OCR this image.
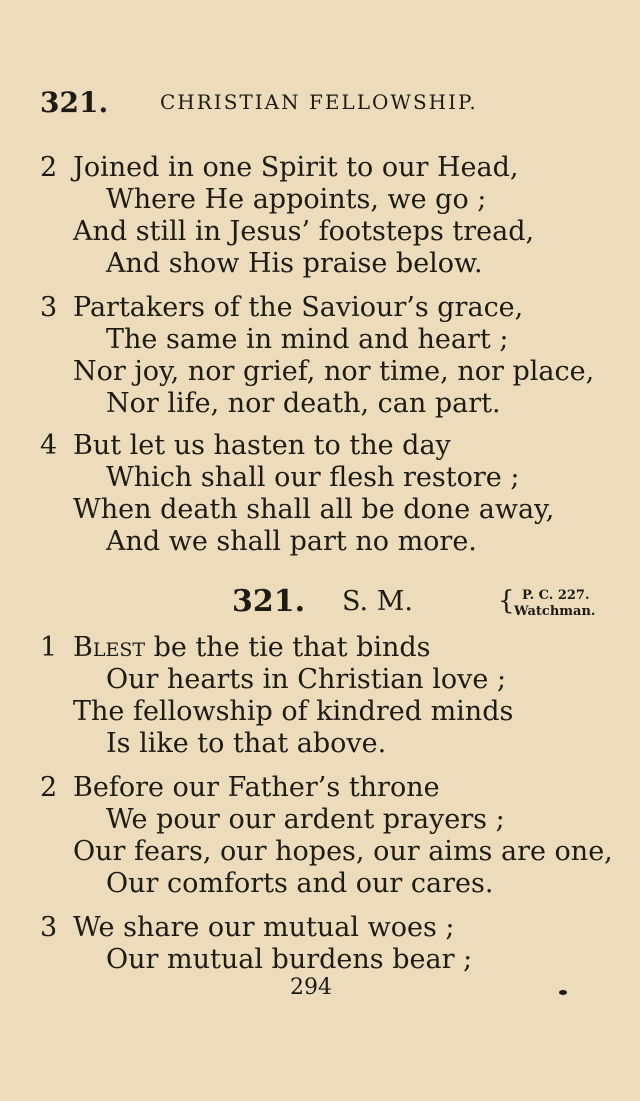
321.	CHRISTIAN FELLOWSHIP.
2 Joined in one Spirit to our Head,
Where He appoints, we go ;
And still in Jesus’ footsteps tread,
And show His praise below.
3 Partakers of the Saviour’s grace,
The same in mind and heart ;
Nor joy, nor grief, nor time, nor place,
Nor life, nor death, can part.
4 But let us hasten to the day
Which shall our flesh restore ;
When death shall all be done away,
And we shall part no more.
321. S. M.	{ P. C. 227.
Watchman.
1 Blest be the tie that binds
Our hearts in Christian love ;
The fellowship of kindred minds
Is like to that above.
2 Before our Father’s throne
We pour our ardent prayers ;
Our fears, our hopes, our aims are one,
Our comforts and our cares.
3 We share our mutual woes ;
Our mutual burdens bear ;
294
